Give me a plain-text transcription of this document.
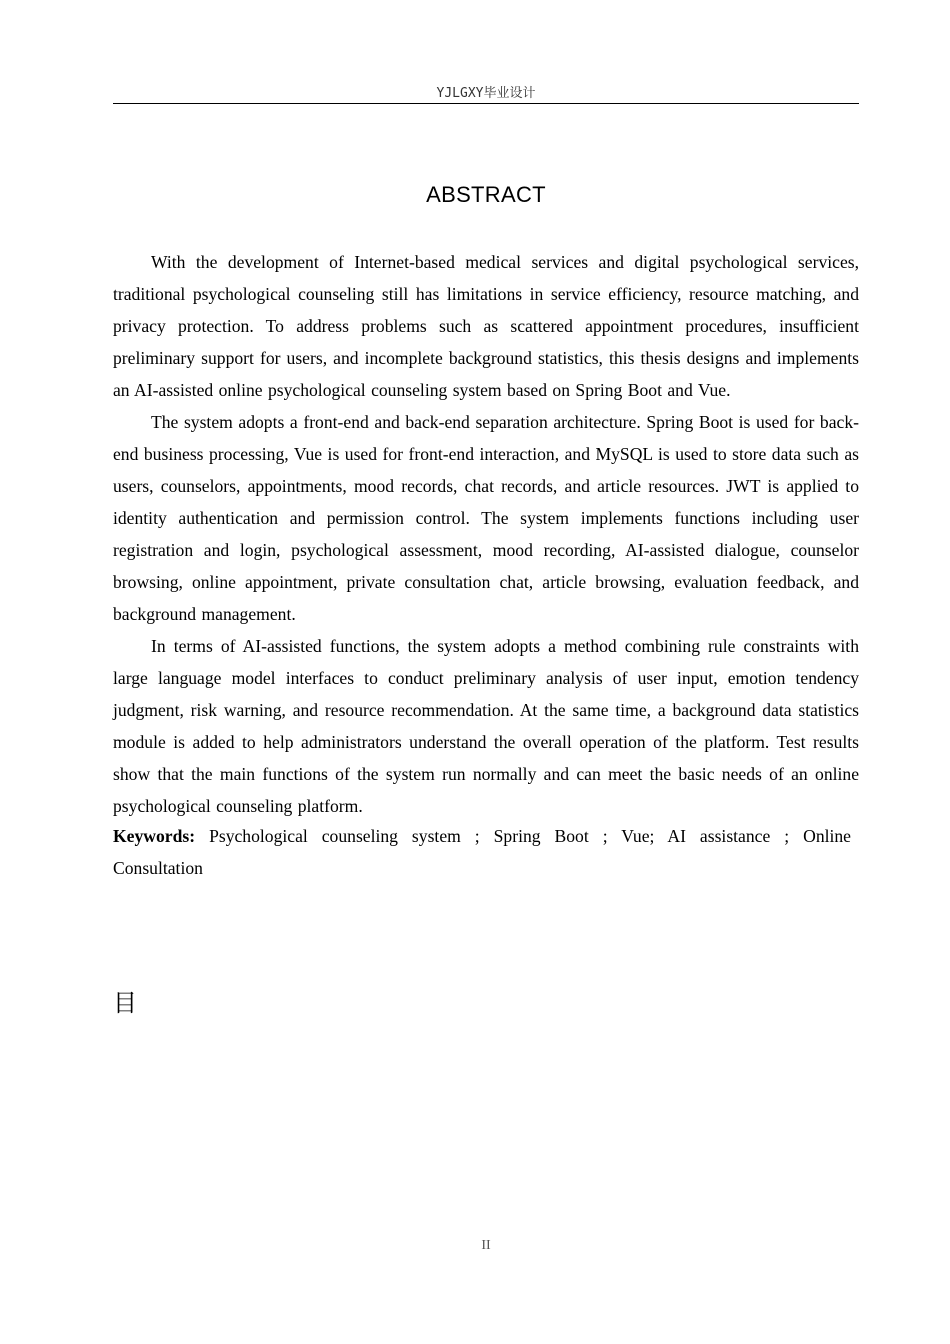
YJLGXY毕业设计
ABSTRACT

With the development of Internet-based medical services and digital psychological services, traditional psychological counseling still has limitations in service efficiency, resource matching, and privacy protection. To address problems such as scattered appointment procedures, insufficient preliminary support for users, and incomplete background statistics, this thesis designs and implements an AI-assisted online psychological counseling system based on Spring Boot and Vue.

The system adopts a front-end and back-end separation architecture. Spring Boot is used for back-end business processing, Vue is used for front-end interaction, and MySQL is used to store data such as users, counselors, appointments, mood records, chat records, and article resources. JWT is applied to identity authentication and permission control. The system implements functions including user registration and login, psychological assessment, mood recording, AI-assisted dialogue, counselor browsing, online appointment, private consultation chat, article browsing, evaluation feedback, and background management.

In terms of AI-assisted functions, the system adopts a method combining rule constraints with large language model interfaces to conduct preliminary analysis of user input, emotion tendency judgment, risk warning, and resource recommendation. At the same time, a background data statistics module is added to help administrators understand the overall operation of the platform. Test results show that the main functions of the system run normally and can meet the basic needs of an online psychological counseling platform.

Keywords: Psychological counseling system ; Spring Boot ; Vue; AI assistance ; Online Consultation

目
II
